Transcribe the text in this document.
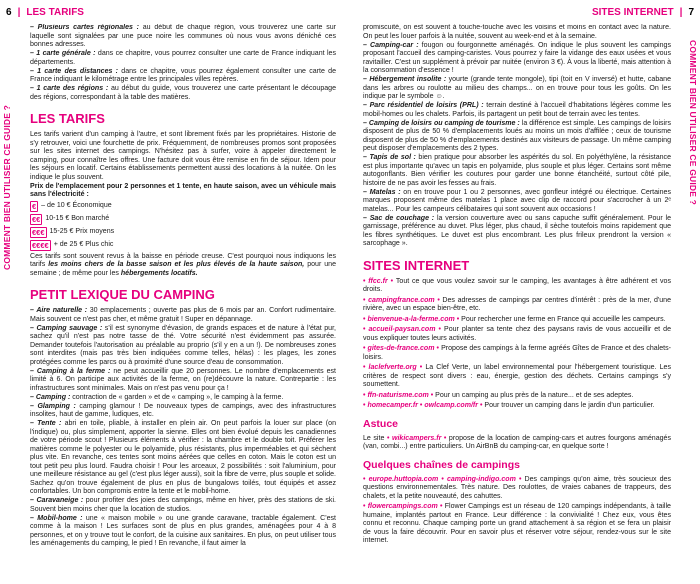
6 | LES TARIFS	SITES INTERNET | 7
COMMENT BIEN UTILISER CE GUIDE ?	COMMENT BIEN UTILISER CE GUIDE ?

– Plusieurs cartes régionales : au début de chaque région, vous trouverez une carte sur laquelle sont signalées par une puce noire les communes où nous vous avons déniché ces bonnes adresses.

– 1 carte générale : dans ce chapitre, vous pourrez consulter une carte de France indiquant les départements.

– 1 carte des distances : dans ce chapitre, vous pourrez également consulter une carte de France indiquant le kilométrage entre les principales villes repères.

– 1 carte des régions : au début du guide, vous trouverez une carte présentant le découpage des régions, correspondant à la table des matières.

LES TARIFS

Les tarifs varient d'un camping à l'autre, et sont librement fixés par les propriétaires. Historie de s'y retrouver, voici une fourchette de prix. Fréquemment, de nombreuses promos sont proposées sur les sites internet des campings. N'hésitez pas à surfer, voire à appeler directement le camping, pour connaître les offres. Une facture doit vous être remise en fin de séjour. Idem pour les séjours en locatif. Certains établissements permettent aussi des locations à la nuitée. On les indique le plus souvent.

Prix de l'emplacement pour 2 personnes et 1 tente, en haute saison, avec un véhicule mais sans l'électricité :

€ – de 10 € Économique
€€ 10-15 € Bon marché
€€€ 15-25 € Prix moyens
€€€€ + de 25 € Plus chic

Ces tarifs sont souvent revus à la baisse en période creuse. C'est pourquoi nous indiquons les tarifs les moins chers de la basse saison et les plus élevés de la haute saison, pour une semaine ; de même pour les hébergements locatifs.

PETIT LEXIQUE DU CAMPING

– Aire naturelle : 30 emplacements ; ouverte pas plus de 6 mois par an. Confort rudimentaire. Mais souvent ce n'est pas cher, et même gratuit ! Super en dépannage.

– Camping sauvage : s'il est synonyme d'évasion, de grands espaces et de nature à l'état pur, sachez qu'il n'est pas notre tasse de thé. Votre sécurité n'est évidemment pas assurée. Demander toutefois l'autorisation au préalable au proprio (s'il y en a un !). De nombreuses zones sont interdites (mais pas très bien indiquées comme telles, hélas) : les plages, les zones protégées comme les parcs ou à proximité d'une source d'eau de consommation.

– Camping à la ferme : ne peut accueillir que 20 personnes. Le nombre d'emplacements est limité à 6. On participe aux activités de la ferme, on (re)découvre la nature. Contrepartie : les infrastructures sont minimales. Mais on n'est pas venu pour ça !

– Camping : contraction de « garden » et de « camping », le camping à la ferme.

– Glamping : camping glamour ! De nouveaux types de campings, avec des infrastructures insolites, haut de gamme, ludiques, etc.

– Tente : abri en toile, pliable, à installer en plein air. On peut parfois la louer sur place (on l'indique) ou, plus simplement, apporter la sienne. Elles ont bien évolué depuis les canadiennes de votre période scout ! Plusieurs éléments à vérifier : la chambre et le double toit. Préférer les matières comme le polyester ou le polyamide, plus résistants, plus imperméables et qui sèchent plus vite. En revanche, ces tentes sont moins aérées que celles en coton. Mais le coton est un tout petit peu plus lourd. Faudra choisir ! Pour les arceaux, 2 possibilités : soit l'aluminium, pour une meilleure résistance au gel (c'est plus léger aussi), soit la fibre de verre, plus souple et solide. Sachez qu'on trouve également de plus en plus de bungalows toilés, tout équipés et assez confortables. Un bon compromis entre la tente et le mobil-home.

– Caravaneige : pour profiter des joies des campings, même en hiver, près des stations de ski. Souvent bien moins cher que la location de studios.

– Mobil-home : une « maison mobile » ou une grande caravane, tractable également. C'est comme à la maison ! Les surfaces sont de plus en plus grandes, aménagées pour 4 à 8 personnes, et on y trouve tout le confort, de la cuisine aux sanitaires. En plus, on peut utiliser tous les aménagements du camping, le pied ! En revanche, il faut aimer la

promiscuité, on est souvent à touche-touche avec les voisins et moins en contact avec la nature. On peut les louer parfois à la nuitée, souvent au week-end et à la semaine.

– Camping-car : fougon ou fourgonnette aménagés. On indique le plus souvent les campings proposant l'accueil des camping-caristes. Vous pourrez y faire la vidange des eaux usées et vous ravitailler. C'est un supplément à prévoir par nuitée (environ 3 €). À vous la liberté, mais attention à la consommation d'essence !

– Hébergement insolite : yourte (grande tente mongole), tipi (toit en V inversé) et hutte, cabane dans les arbres ou roulotte au milieu des champs... on en trouve pour tous les goûts. On les indique par le symbole ☺.

– Parc résidentiel de loisirs (PRL) : terrain destiné à l'accueil d'habitations légères comme les mobil-homes ou les chalets. Parfois, ils partagent un petit bout de terrain avec les tentes.

– Camping de loisirs ou camping de tourisme : la différence est simple. Les campings de loisirs disposent de plus de 50 % d'emplacements loués au moins un mois d'affilée ; ceux de tourisme disposent de plus de 50 % d'emplacements destinés aux visiteurs de passage. Un même camping peut disposer d'emplacements des 2 types.

– Tapis de sol : bien pratique pour absorber les aspérités du sol. En polyéthylène, la résistance est plus importante qu'avec un tapis en polyamide, plus souple et plus léger. Certains sont même autogonflants. Bien vérifier les coutures pour garder une bonne étanchéité, surtout côté pile, histoire de ne pas avoir les fesses au frais.

– Matelas : on en trouve pour 1 ou 2 personnes, avec gonfleur intégré ou électrique. Certaines marques proposent même des matelas 1 place avec clip de raccord pour s'accrocher à un 2ᵉ matelas... Pour les campeurs célibataires qui sont souvent aux occasions !

– Sac de couchage : la version couverture avec ou sans capuche suffit généralement. Pour le garnissage, préférence au duvet. Plus léger, plus chaud, il sèche toutefois moins rapidement que les fibres synthétiques. Le duvet est plus encombrant. Les plus frileux prendront la version « sarcophage ».

SITES INTERNET

• ffcc.fr • Tout ce que vous voulez savoir sur le camping, les avantages à être adhérent et vos droits.

• campingfrance.com • Des adresses de campings par centres d'intérêt : près de la mer, d'une rivière, avec un espace bien-être, etc.

• bienvenue-a-la-ferme.com • Pour rechercher une ferme en France qui accueille les campeurs.

• accueil-paysan.com • Pour planter sa tente chez des paysans ravis de vous accueillir et de vous expliquer toutes leurs activités.

• gites-de-france.com • Propose des campings à la ferme agréés Gîtes de France et des chalets-loisirs.

• laclefverte.org • La Clef Verte, un label environnemental pour l'hébergement touristique. Les critères de respect sont divers : eau, énergie, gestion des déchets. Certains campings s'y soumettent.

• ffn-naturisme.com • Pour un camping au plus près de la nature... et de ses adeptes.

• homecamper.fr • owlcamp.com/fr • Pour trouver un camping dans le jardin d'un particulier.

Astuce

Le site • wikicampers.fr • propose de la location de camping-cars et autres fourgons aménagés (van, combi...) entre particuliers. Un AirBnB du camping-car, en quelque sorte !

Quelques chaînes de campings

• europe.huttopia.com • camping-indigo.com • Des campings qu'on aime, très soucieux des questions environnementales. Très nature. Des roulottes, de vraies cabanes de trappeurs, des chalets, et la petite nouveauté, des cahuttes.

• flowercampings.com • Flower Campings est un réseau de 120 campings indépendants, à taille humaine, implantés partout en France. Leur différence : la convivialité ! Chez eux, vous êtes connu et reconnu. Chaque camping porte un grand attachement à sa région et se fera un plaisir de vous la faire découvrir. Pour en savoir plus et réserver votre séjour, rendez-vous sur le site internet.
